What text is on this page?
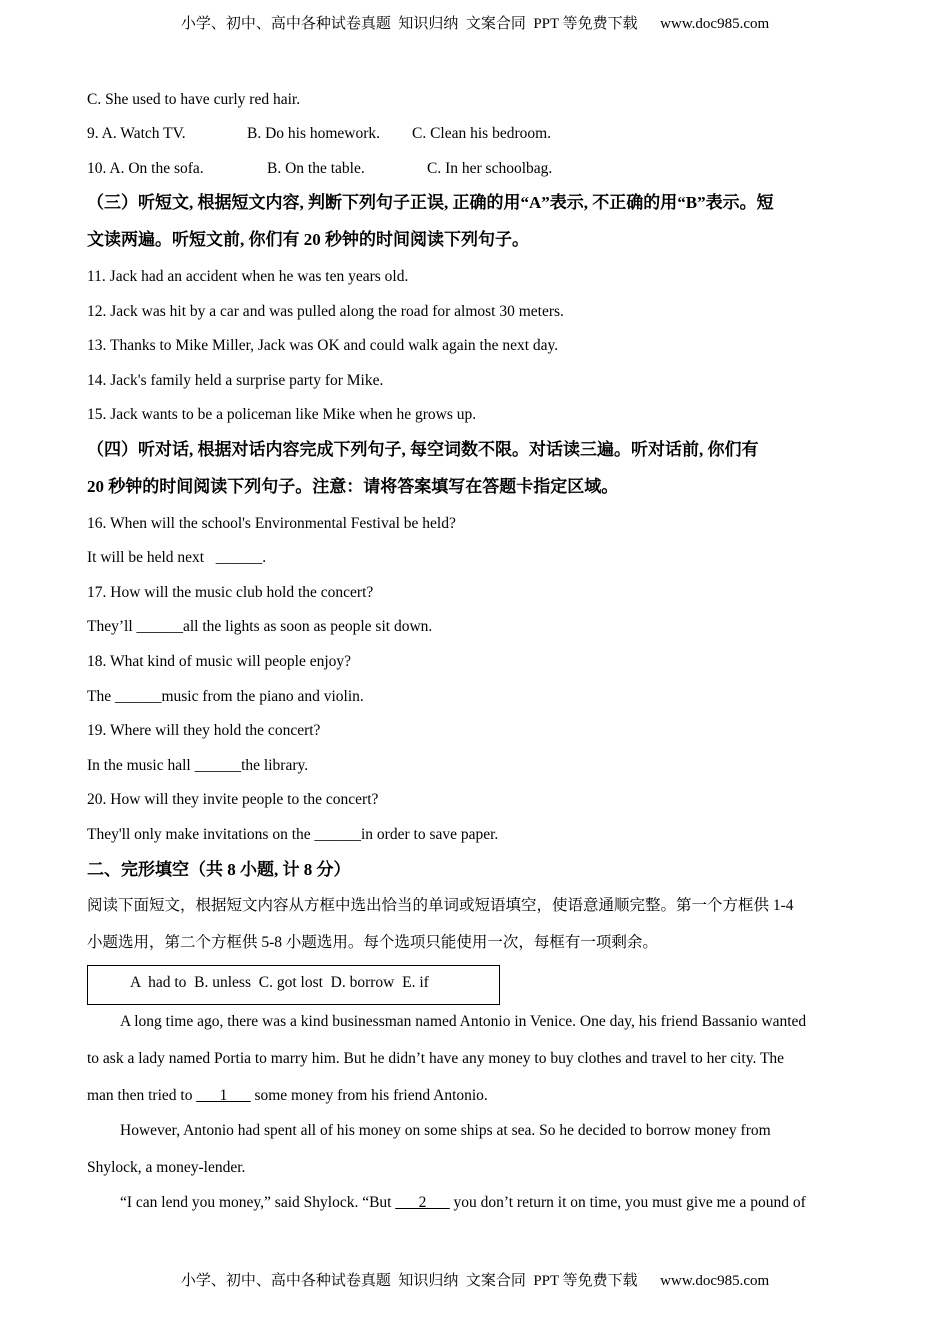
小学、初中、高中各种试卷真题  知识归纳  文案合同  PPT 等免费下载      www.doc985.com
C. She used to have curly red hair.
9. A. Watch TV.	B. Do his homework. C. Clean his bedroom.
10. A. On the sofa.	B. On the table.	C. In her schoolbag.
（三）听短文, 根据短文内容, 判断下列句子正误, 正确的用“A”表示, 不正确的用“B”表示。短
文读两遍。听短文前, 你们有 20 秒钟的时间阅读下列句子。
11. Jack had an accident when he was ten years old.
12. Jack was hit by a car and was pulled along the road for almost 30 meters.
13. Thanks to Mike Miller, Jack was OK and could walk again the next day.
14. Jack's family held a surprise party for Mike.
15. Jack wants to be a policeman like Mike when he grows up.
（四）听对话, 根据对话内容完成下列句子, 每空词数不限。对话读三遍。听对话前, 你们有
20 秒钟的时间阅读下列句子。注意：请将答案填写在答题卡指定区域。
16. When will the school's Environmental Festival be held?
It will be held next   ______.
17. How will the music club hold the concert?
They’ll ______all the lights as soon as people sit down.
18. What kind of music will people enjoy?
The ______music from the piano and violin.
19. Where will they hold the concert?
In the music hall ______the library.
20. How will they invite people to the concert?
They'll only make invitations on the ______in order to save paper.
二、完形填空（共 8 小题, 计 8 分）
阅读下面短文，根据短文内容从方框中选出恰当的单词或短语填空，使语意通顺完整。第一个方框供 1-4
小题选用，第二个方框供 5-8 小题选用。每个选项只能使用一次，每框有一项剩余。
A  had to  B. unless  C. got lost  D. borrow  E. if
A long time ago, there was a kind businessman named Antonio in Venice. One day, his friend Bassanio wanted
to ask a lady named Portia to marry him. But he didn’t have any money to buy clothes and travel to her city. The
man then tried to ___1___ some money from his friend Antonio.
However, Antonio had spent all of his money on some ships at sea. So he decided to borrow money from
Shylock, a money-lender.
“I can lend you money,” said Shylock. “But ___2___ you don’t return it on time, you must give me a pound of
小学、初中、高中各种试卷真题  知识归纳  文案合同  PPT 等免费下载      www.doc985.com
